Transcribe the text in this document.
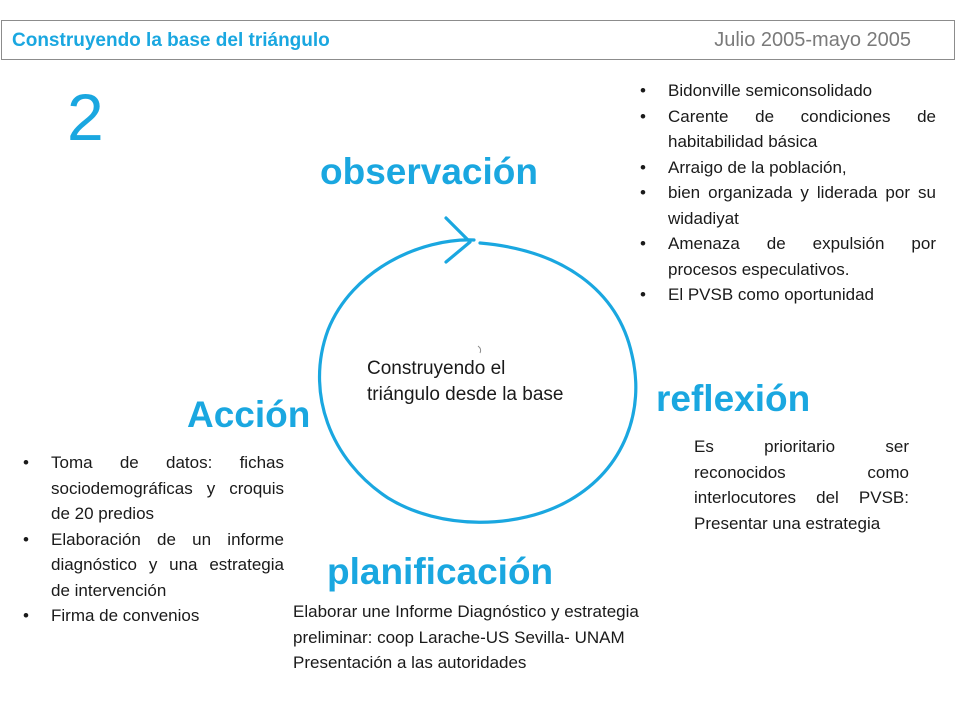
Construyendo la base del triángulo	Julio 2005-mayo 2005
2
observación
reflexión
Acción
planificación
Construyendo el triángulo desde la base
• Bidonville semiconsolidado
• Carente de condiciones de habitabilidad básica
• Arraigo de la población,
• bien organizada y liderada por su widadiyat
• Amenaza de expulsión por procesos especulativos.
• El PVSB como oportunidad
Es prioritario ser reconocidos como interlocutores del PVSB: Presentar una estrategia
• Toma de datos: fichas sociodemográficas y croquis de 20 predios
• Elaboración de un informe diagnóstico y una estrategia de intervención
• Firma de convenios	Elaborar une Informe Diagnóstico y estrategia
preliminar: coop Larache-US Sevilla- UNAM
Presentación a las autoridades
